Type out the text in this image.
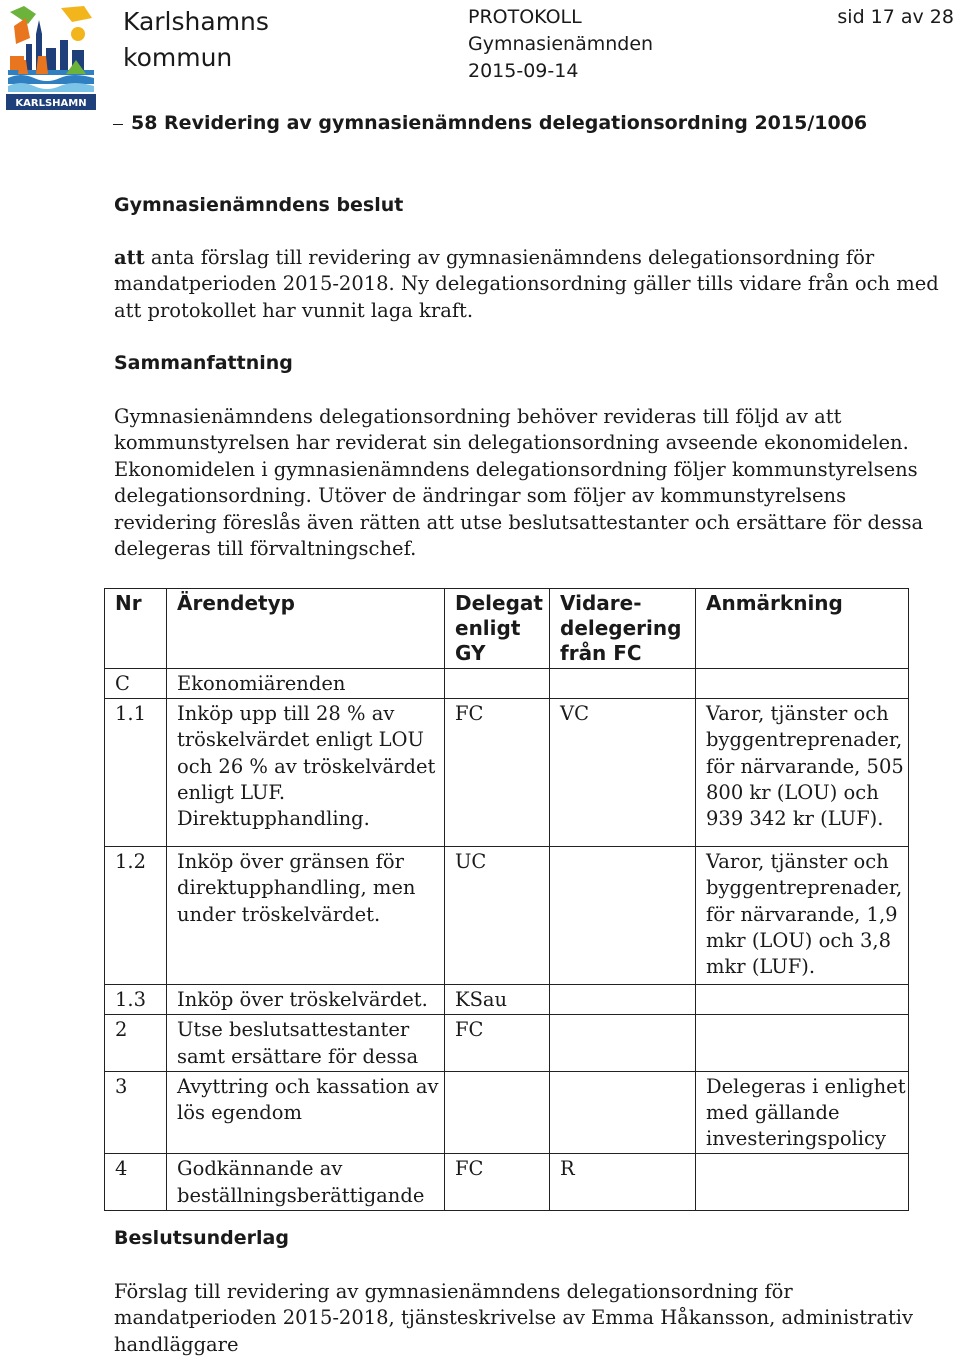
KARLSHAMN
Karlshamns
kommun
PROTOKOLL
Gymnasienämnden
2015-09-14
sid 17 av 28
58 Revidering av gymnasienämndens delegationsordning 2015/1006
Gymnasienämndens beslut
att anta förslag till revidering av gymnasienämndens delegationsordning för mandatperioden 2015-2018. Ny delegationsordning gäller tills vidare från och med att protokollet har vunnit laga kraft.
Sammanfattning
Gymnasienämndens delegationsordning behöver revideras till följd av att kommunstyrelsen har reviderat sin delegationsordning avseende ekonomidelen. Ekonomidelen i gymnasienämndens delegationsordning följer kommunstyrelsens delegationsordning. Utöver de ändringar som följer av kommunstyrelsens revidering föreslås även rätten att utse beslutsattestanter och ersättare för dessa delegeras till förvaltningschef.
Nr	Ärendetyp	Delegat enligt GY	Vidare-delegering från FC	Anmärkning
C	Ekonomiärenden			
1.1	Inköp upp till 28 % av tröskelvärdet enligt LOU och 26 % av tröskelvärdet enligt LUF. Direktupphandling.	FC	VC	Varor, tjänster och byggentreprenader, för närvarande, 505 800 kr (LOU) och 939 342 kr (LUF).
1.2	Inköp över gränsen för direktupphandling, men under tröskelvärdet.	UC		Varor, tjänster och byggentreprenader, för närvarande, 1,9 mkr (LOU) och 3,8 mkr (LUF).
1.3	Inköp över tröskelvärdet.	KSau		
2	Utse beslutsattestanter samt ersättare för dessa	FC		
3	Avyttring och kassation av lös egendom			Delegeras i enlighet med gällande investeringspolicy
4	Godkännande av beställningsberättigande	FC	R	
Beslutsunderlag
Förslag till revidering av gymnasienämndens delegationsordning för mandatperioden 2015-2018, tjänsteskrivelse av Emma Håkansson, administrativ handläggare
